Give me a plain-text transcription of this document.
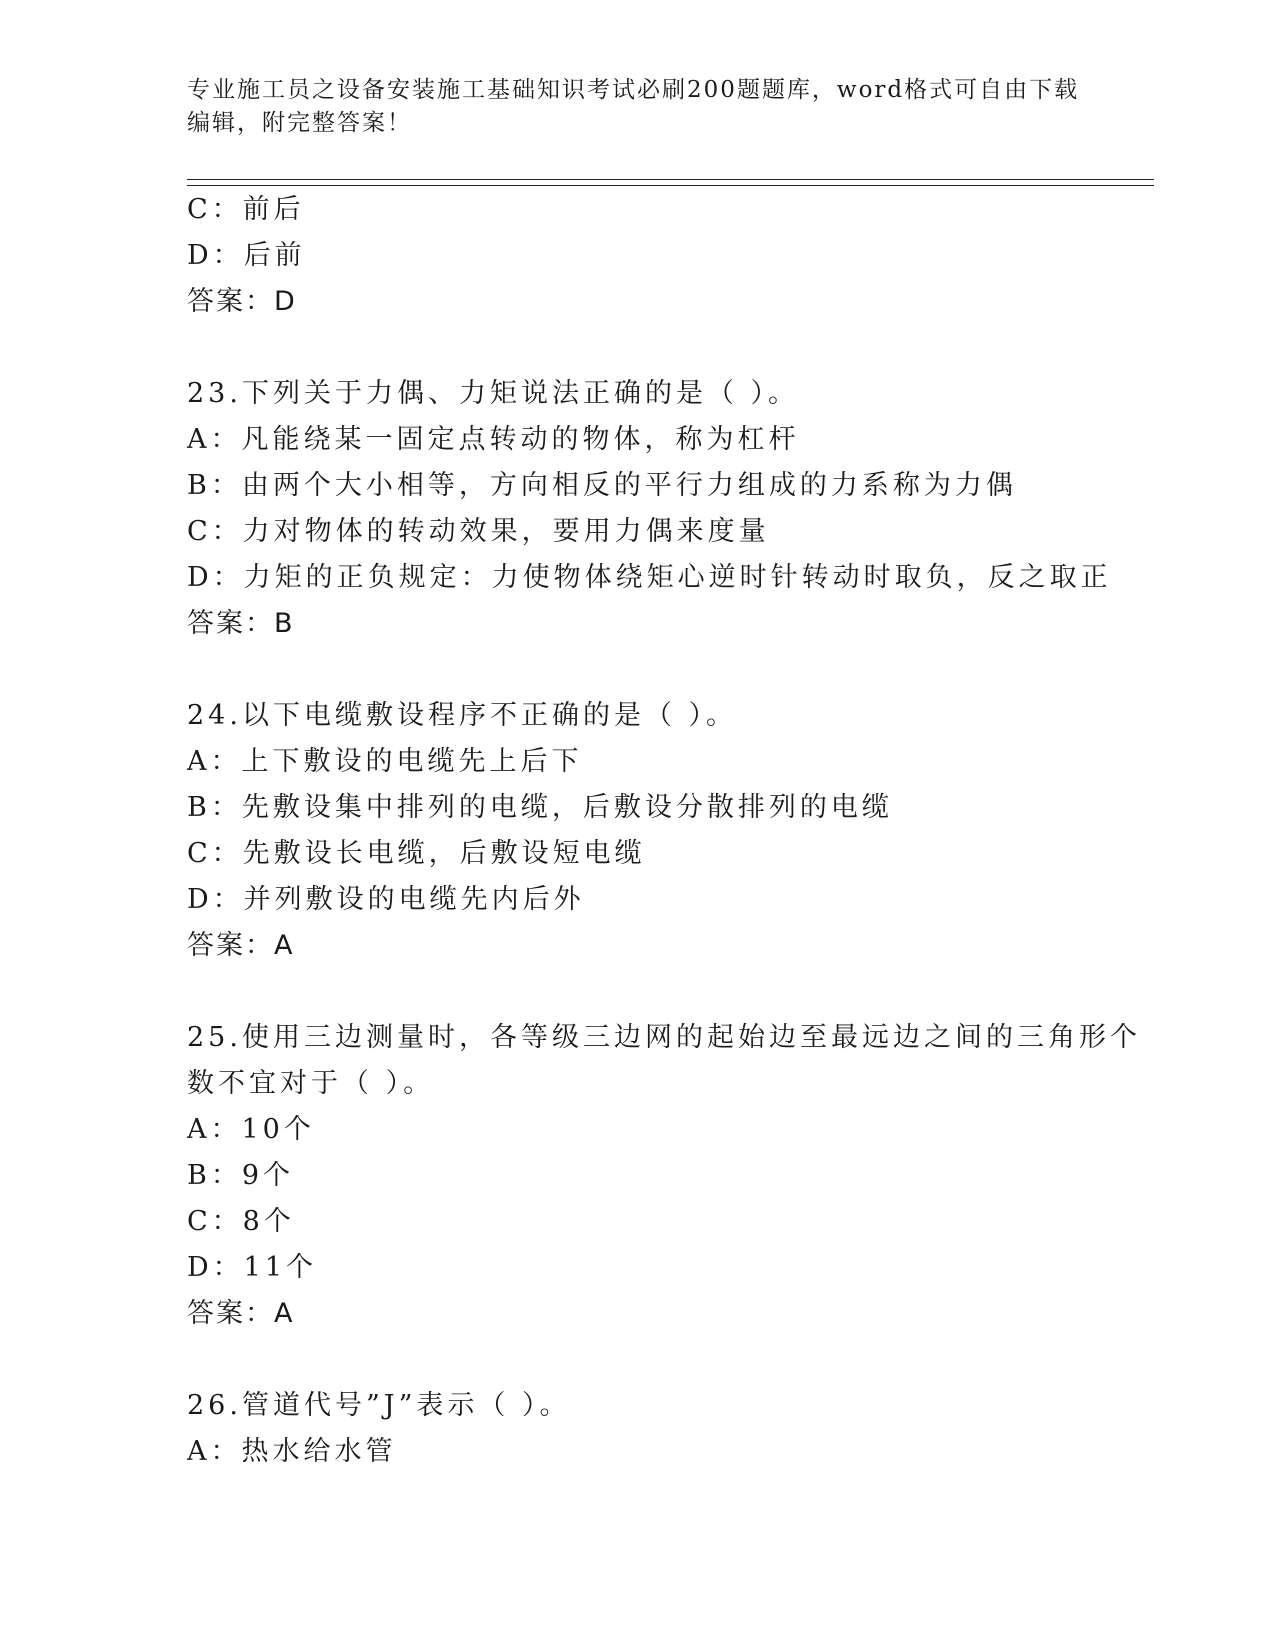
专业施工员之设备安装施工基础知识考试必刷200题题库，word格式可自由下载
编辑，附完整答案！
C：前后
D：后前
答案：D
23.下列关于力偶、力矩说法正确的是（ ）。
A：凡能绕某一固定点转动的物体，称为杠杆
B：由两个大小相等，方向相反的平行力组成的力系称为力偶
C：力对物体的转动效果，要用力偶来度量
D：力矩的正负规定：力使物体绕矩心逆时针转动时取负，反之取正
答案：B
24.以下电缆敷设程序不正确的是（ ）。
A：上下敷设的电缆先上后下
B：先敷设集中排列的电缆，后敷设分散排列的电缆
C：先敷设长电缆，后敷设短电缆
D：并列敷设的电缆先内后外
答案：A
25.使用三边测量时，各等级三边网的起始边至最远边之间的三角形个
数不宜对于（ ）。
A：10个
B：9个
C：8个
D：11个
答案：A
26.管道代号”J”表示（ ）。
A：热水给水管
